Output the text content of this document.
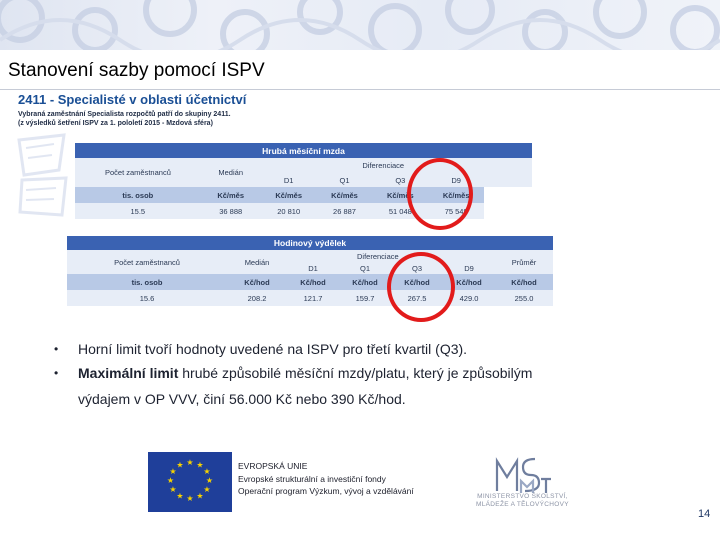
Stanovení sazby pomocí ISPV
2411 - Specialisté v oblasti účetnictví
Vybraná zaměstnání Specialista rozpočtů patří do skupiny 2411.
(z výsledků šetření ISPV za 1. pololetí 2015 - Mzdová sféra)
Hrubá měsíční mzda						
Počet zaměstnanců	Medián	Diferenciace				
		D1	Q1	Q3	D9	
tis. osob	Kč/měs	Kč/měs	Kč/měs	Kč/měs	Kč/měs	
15.5	36 888	20 810	26 887	51 048	75 549	
Hodinový výdělek						
Počet zaměstnanců	Medián	Diferenciace				Průměr
		D1	Q1	Q3	D9	
tis. osob	Kč/hod	Kč/hod	Kč/hod	Kč/hod	Kč/hod	Kč/hod
15.6	208.2	121.7	159.7	267.5	429.0	255.0
• Horní limit tvoří hodnoty uvedené na ISPV pro třetí kvartil (Q3).
• Maximální limit hrubé způsobilé měsíční mzdy/platu, který je způsobilým
výdajem v OP VVV, činí 56.000 Kč nebo 390 Kč/hod.
★ ★
★
★
★
★
★
★
★
★
★
★	EVROPSKÁ UNIE
Evropské strukturální a investiční fondy
Operační program Výzkum, vývoj a vzdělávání
MINISTERSTVO ŠKOLSTVÍ,
MLÁDEŽE A TĚLOVÝCHOVY
14
